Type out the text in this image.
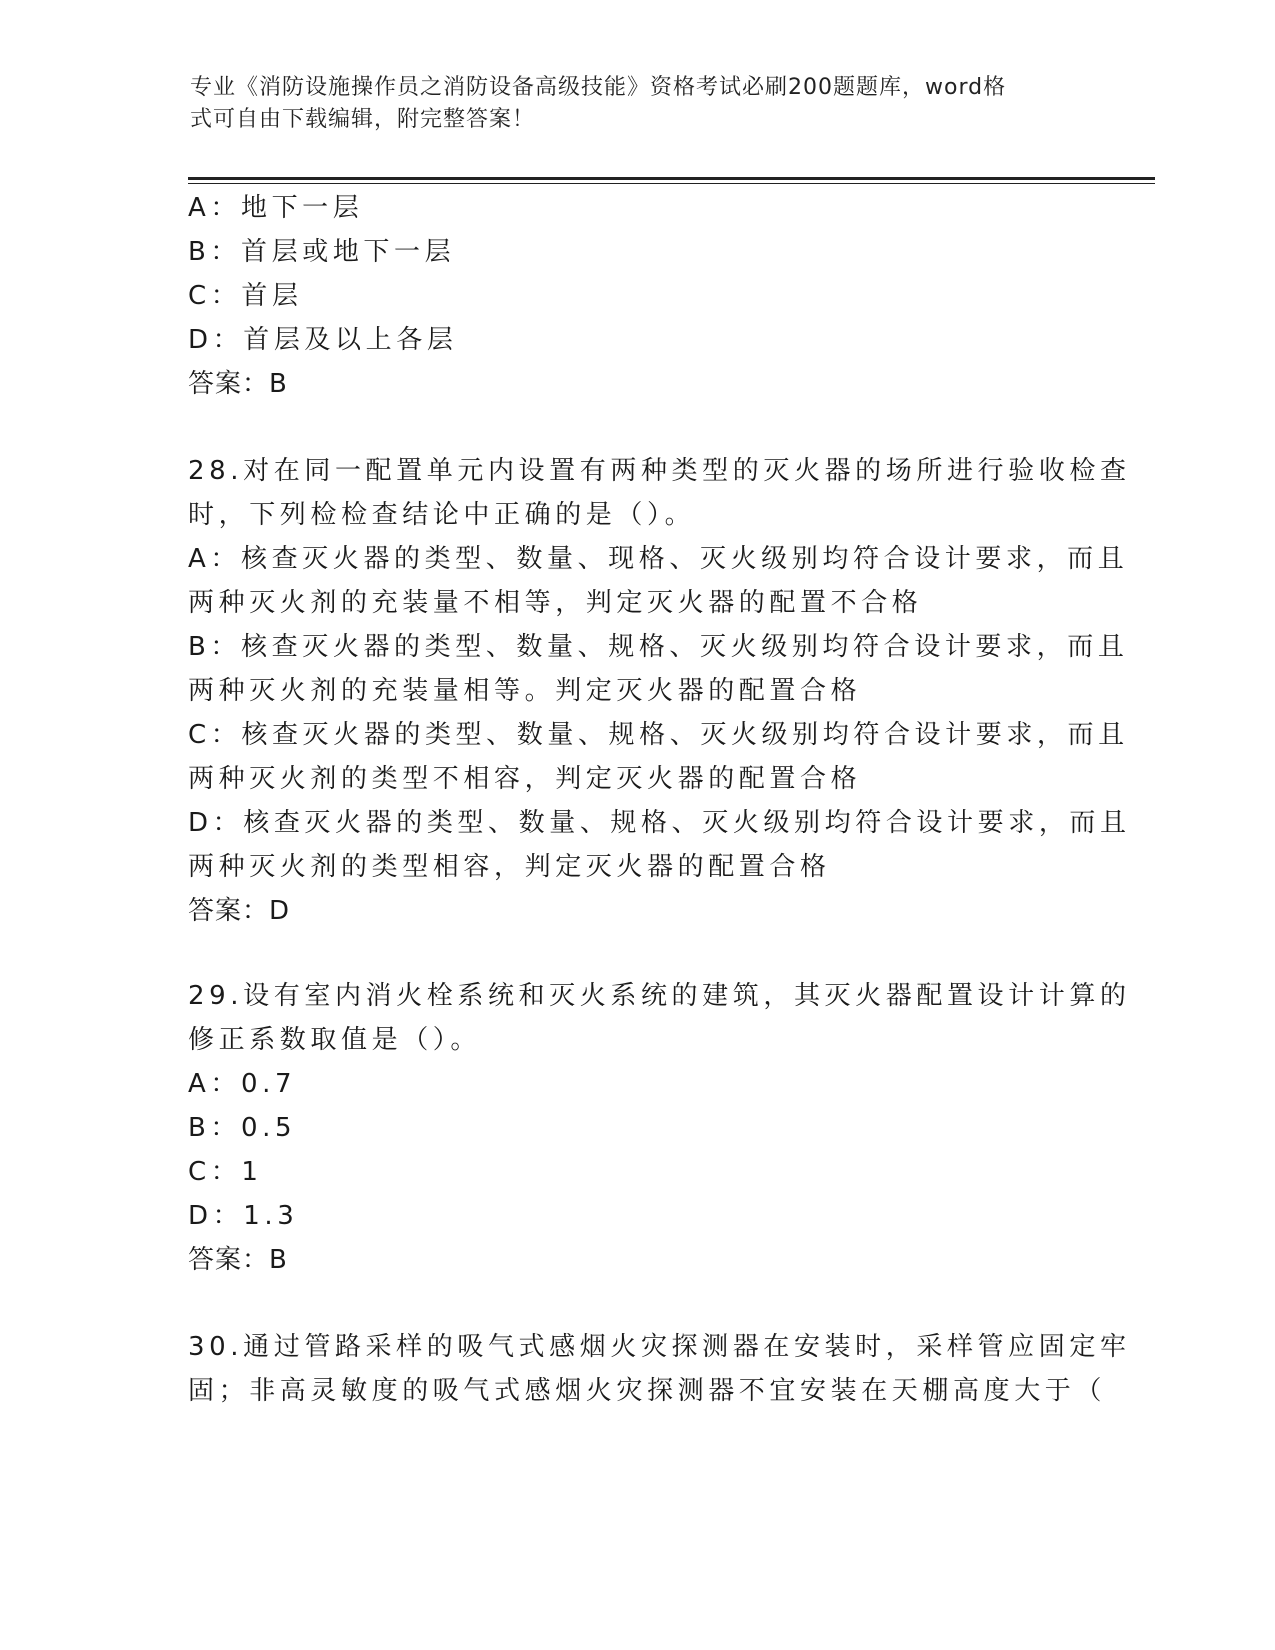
专业《消防设施操作员之消防设备高级技能》资格考试必刷200题题库，word格
式可自由下载编辑，附完整答案！
A：地下一层
B：首层或地下一层
C：首层
D：首层及以上各层
答案：B
28.对在同一配置单元内设置有两种类型的灭火器的场所进行验收检查
时，下列检检查结论中正确的是（）。
A：核查灭火器的类型、数量、现格、灭火级别均符合设计要求，而且
两种灭火剂的充装量不相等，判定灭火器的配置不合格
B：核查灭火器的类型、数量、规格、灭火级别均符合设计要求，而且
两种灭火剂的充装量相等。判定灭火器的配置合格
C：核查灭火器的类型、数量、规格、灭火级别均符合设计要求，而且
两种灭火剂的类型不相容，判定灭火器的配置合格
D：核查灭火器的类型、数量、规格、灭火级别均符合设计要求，而且
两种灭火剂的类型相容，判定灭火器的配置合格
答案：D
29.设有室内消火栓系统和灭火系统的建筑，其灭火器配置设计计算的
修正系数取值是（）。
A：0.7
B：0.5
C：1
D：1.3
答案：B
30.通过管路采样的吸气式感烟火灾探测器在安装时，采样管应固定牢
固；非高灵敏度的吸气式感烟火灾探测器不宜安装在天棚高度大于（
